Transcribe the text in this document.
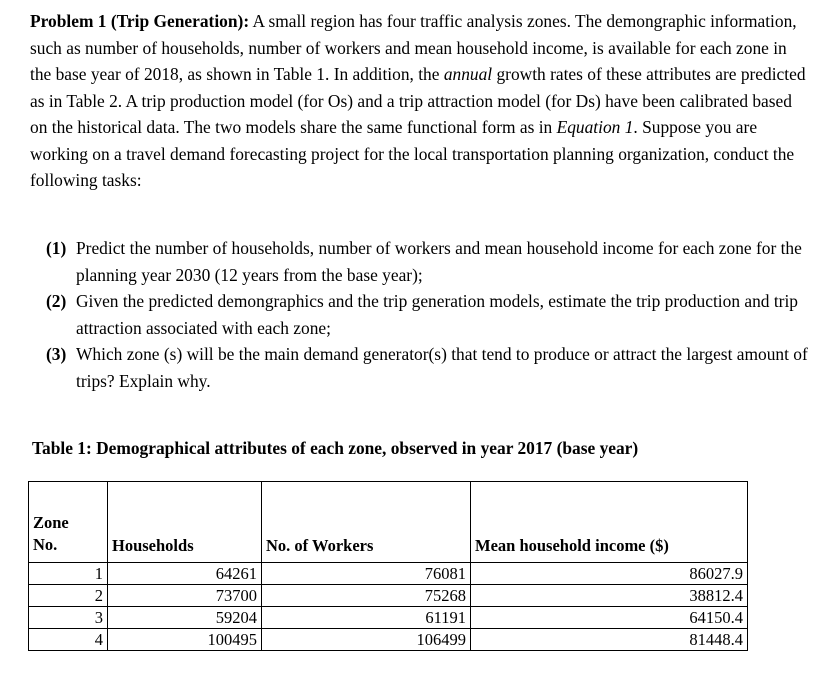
Problem 1 (Trip Generation): A small region has four traffic analysis zones. The demongraphic information, such as number of households, number of workers and mean household income, is available for each zone in the base year of 2018, as shown in Table 1. In addition, the annual growth rates of these attributes are predicted as in Table 2. A trip production model (for Os) and a trip attraction model (for Ds) have been calibrated based on the historical data. The two models share the same functional form as in Equation 1. Suppose you are working on a travel demand forecasting project for the local transportation planning organization, conduct the following tasks:
(1) Predict the number of households, number of workers and mean household income for each zone for the planning year 2030 (12 years from the base year);
(2) Given the predicted demongraphics and the trip generation models, estimate the trip production and trip attraction associated with each zone;
(3) Which zone (s) will be the main demand generator(s) that tend to produce or attract the largest amount of trips? Explain why.
Table 1: Demographical attributes of each zone, observed in year 2017 (base year)
Zone
No.	Households	No. of Workers	Mean household income ($)
1	64261	76081	86027.9
2	73700	75268	38812.4
3	59204	61191	64150.4
4	100495	106499	81448.4
